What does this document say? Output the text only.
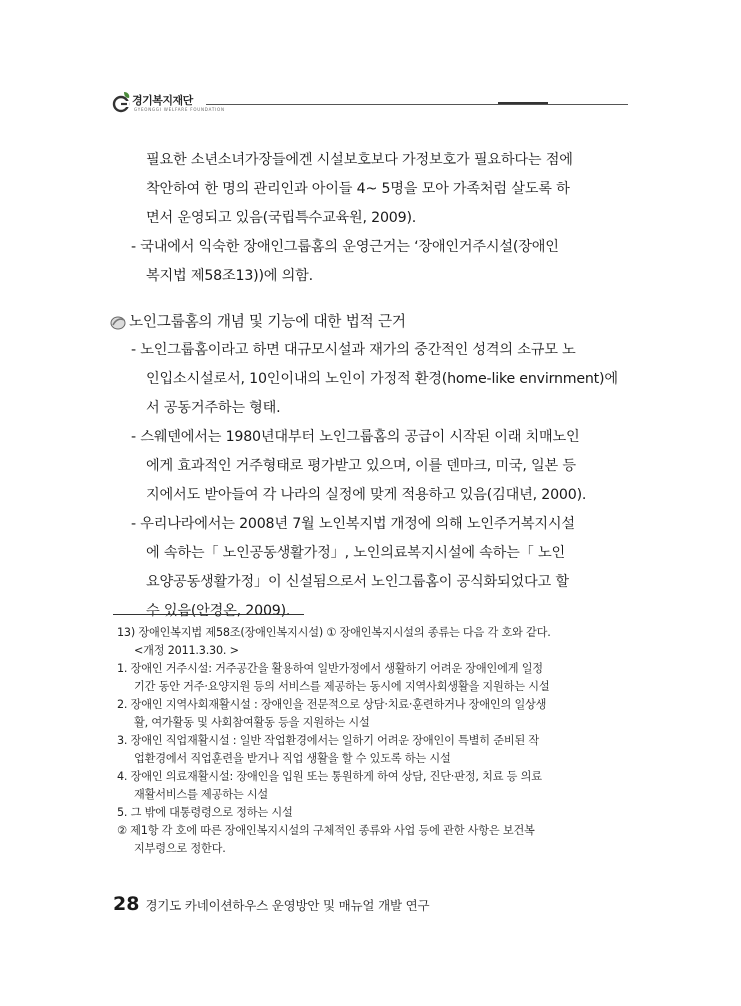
경기복지재단
GYEONGGI WELFARE FOUNDATION
필요한 소년소녀가장들에겐 시설보호보다 가정보호가 필요하다는 점에
착안하여 한 명의 관리인과 아이들 4~ 5명을 모아 가족처럼 살도록 하
면서 운영되고 있음(국립특수교육원, 2009).
- 국내에서 익숙한 장애인그룹홈의 운영근거는 ‘장애인거주시설(장애인
복지법 제58조13))에 의함.
노인그룹홈의 개념 및 기능에 대한 법적 근거
- 노인그룹홈이라고 하면 대규모시설과 재가의 중간적인 성격의 소규모 노
인입소시설로서, 10인이내의 노인이 가정적 환경(home-like envirnment)에
서 공동거주하는 형태.
- 스웨덴에서는 1980년대부터 노인그룹홈의 공급이 시작된 이래 치매노인
에게 효과적인 거주형태로 평가받고 있으며, 이를 덴마크, 미국, 일본 등
지에서도 받아들여 각 나라의 실정에 맞게 적용하고 있음(김대년, 2000).
- 우리나라에서는 2008년 7월 노인복지법 개정에 의해 노인주거복지시설
에 속하는「 노인공동생활가정」, 노인의료복지시설에 속하는「 노인
요양공동생활가정」이 신설됨으로서 노인그룹홈이 공식화되었다고 할
수 있음(안경온, 2009).
13) 장애인복지법 제58조(장애인복지시설) ① 장애인복지시설의 종류는 다음 각 호와 같다.
<개정 2011.3.30. >
1. 장애인 거주시설: 거주공간을 활용하여 일반가정에서 생활하기 어려운 장애인에게 일정
기간 동안 거주·요양지원 등의 서비스를 제공하는 동시에 지역사회생활을 지원하는 시설
2. 장애인 지역사회재활시설 : 장애인을 전문적으로 상담·치료·훈련하거나 장애인의 일상생
활, 여가활동 및 사회참여활동 등을 지원하는 시설
3. 장애인 직업재활시설 : 일반 작업환경에서는 일하기 어려운 장애인이 특별히 준비된 작
업환경에서 직업훈련을 받거나 직업 생활을 할 수 있도록 하는 시설
4. 장애인 의료재활시설: 장애인을 입원 또는 통원하게 하여 상담, 진단·판정, 치료 등 의료
재활서비스를 제공하는 시설
5. 그 밖에 대통령령으로 정하는 시설
② 제1항 각 호에 따른 장애인복지시설의 구체적인 종류와 사업 등에 관한 사항은 보건복
지부령으로 정한다.
28 경기도 카네이션하우스 운영방안 및 매뉴얼 개발 연구
